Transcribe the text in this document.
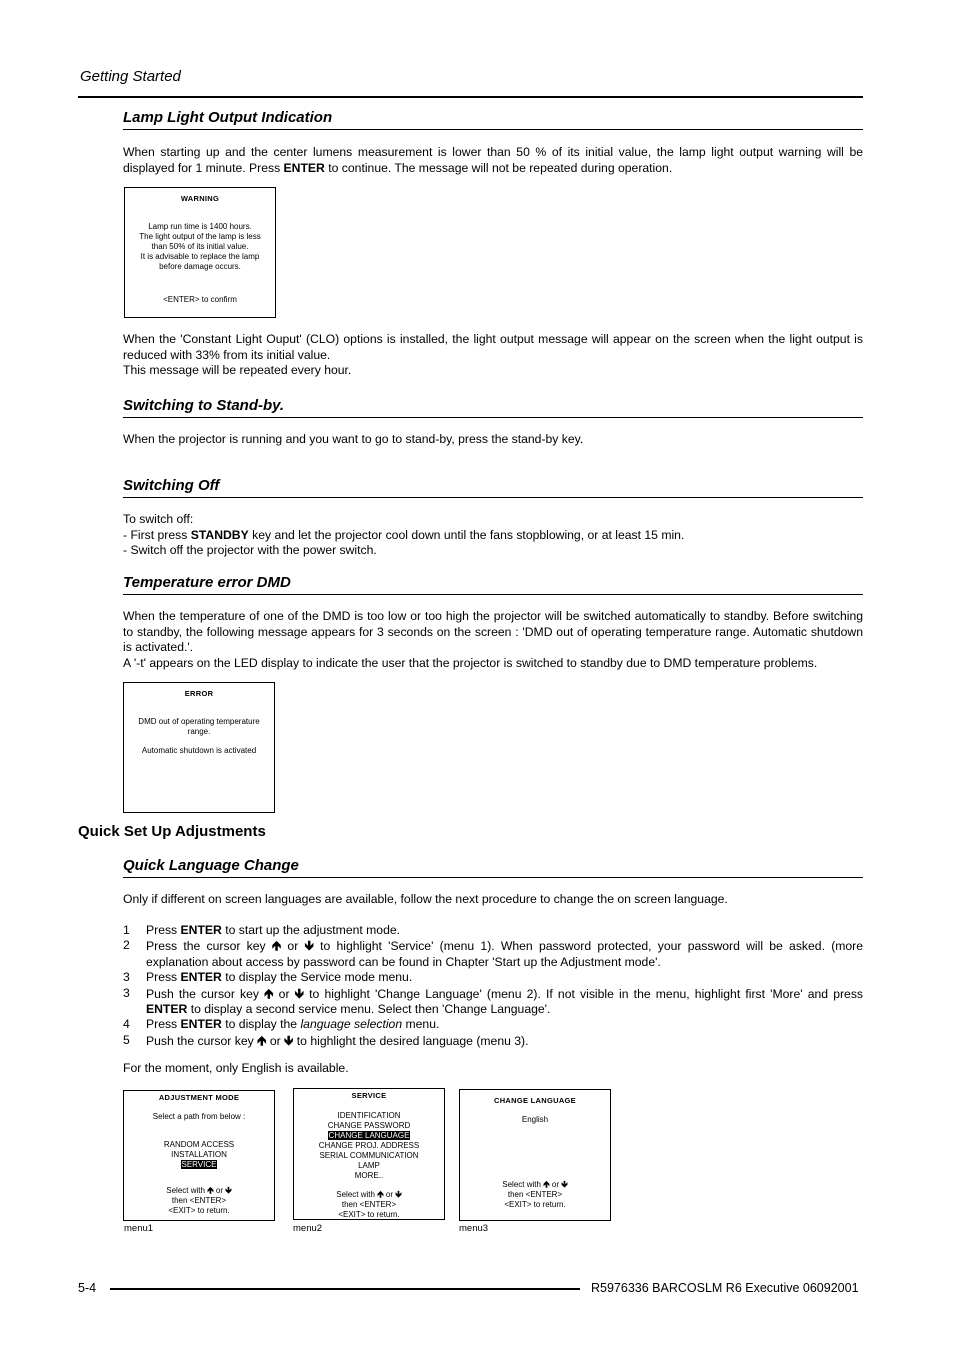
Getting Started
Lamp Light Output Indication
When starting up and the center lumens measurement is lower than 50 % of its initial value, the lamp light output warning will be displayed for 1 minute. Press ENTER to continue. The message will not be repeated during operation.
WARNING
Lamp run time is 1400 hours.
The light output of the lamp is less
than 50% of its initial value.
It is advisable to replace the lamp
before damage occurs.
<ENTER> to confirm

When the 'Constant Light Ouput' (CLO) options is installed, the light output message will appear on the screen when the light output is reduced with 33% from its initial value.

This message will be repeated every hour.

Switching to Stand-by.
When the projector is running and you want to go to stand-by, press the stand-by key.
Switching Off

To switch off:

- First press STANDBY key and let the projector cool down until the fans stopblowing, or at least 15 min.

- Switch off the projector with the power switch.

Temperature error DMD

When the temperature of one of the DMD is too low or too high the projector will be switched automatically to standby. Before switching to standby, the following message appears for 3 seconds on the screen : 'DMD out of operating temperature range. Automatic shutdown is activated.'.

A '-t' appears on the LED display to indicate the user that the projector is switched to standby due to DMD temperature problems.

ERROR
DMD out of operating temperature
range.
Automatic shutdown is activated
Quick Set Up Adjustments
Quick Language Change
Only if different on screen languages are available, follow the next procedure to change the on screen language.
1	Press ENTER to start up the adjustment mode.
2	Press the cursor key 🡹 or 🡻 to highlight 'Service' (menu 1). When password protected, your password will be asked. (more explanation about access by password can be found in Chapter 'Start up the Adjustment mode'.
3	Press ENTER to display the Service mode menu.
3	Push the cursor key 🡹 or 🡻 to highlight 'Change Language' (menu 2). If not visible in the menu, highlight first 'More' and press ENTER to display a second service menu. Select then 'Change Language'.
4	Press ENTER to display the language selection menu.
5	Push the cursor key 🡹 or 🡻 to highlight the desired language (menu 3).
For the moment, only English is available.
ADJUSTMENT MODE
Select a path from below :
RANDOM ACCESS
INSTALLATION
SERVICE
Select with 🡹 or 🡻
then <ENTER>
<EXIT> to return.
menu1
SERVICE
IDENTIFICATION
CHANGE PASSWORD
CHANGE LANGUAGE
CHANGE PROJ. ADDRESS
SERIAL COMMUNICATION
LAMP
MORE..
Select with 🡹 or 🡻
then <ENTER>
<EXIT> to return.
menu2
CHANGE LANGUAGE
English
Select with 🡹 or 🡻
then <ENTER>
<EXIT> to return.
menu3
5-4	R5976336 BARCOSLM R6 Executive 06092001
